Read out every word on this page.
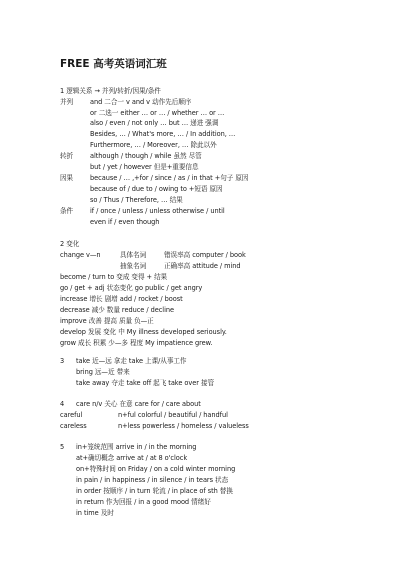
FREE 高考英语词汇班
1 逻辑关系 → 并列/转折/因果/条件
并列	and 二合一 v and v 动作先后顺序
or 二选一 either … or … / whether … or …
also / even / not only … but … 递进 强调
Besides, … / What's more, … / In addition, …
Furthermore, … / Moreover, … 除此以外
转折	although / though / while 虽然 尽管
but / yet / however 但是+重要信息
因果	because / … ,+for / since / as / in that +句子 原因
because of / due to / owing to +短语 原因
so / Thus / Therefore, … 结果
条件	if / once / unless / unless otherwise / until
even if / even though
2 变化
change v—n	具体名词	错误率高 computer / book
抽象名词	正确率高 attitude / mind
become / turn to 变成 变得 + 结果
go / get + adj 状态变化 go public / get angry
increase 增长 剧增 add / rocket / boost
decrease 减少 数量 reduce / decline
improve 改善 提高 质量 负—正
develop 发展 变化 中 My illness developed seriously.
grow 成长 积累 少—多 程度 My impatience grew.
3 take 近—远 拿走 take 上课/从事工作
bring 远—近 带来
take away 夺走 take off 起飞 take over 接管
4 care n/v 关心 在意 care for / care about
careful	n+ful colorful / beautiful / handful
careless	n+less powerless / homeless / valueless
5 in+笼统范围 arrive in / in the morning
at+确切概念 arrive at / at 8 o'clock
on+特殊时间 on Friday / on a cold winter morning
in pain / in happiness / in silence / in tears 状态
in order 按顺序 / in turn 轮流 / in place of sth 替换
in return 作为回报 / in a good mood 情绪好
in time 及时
